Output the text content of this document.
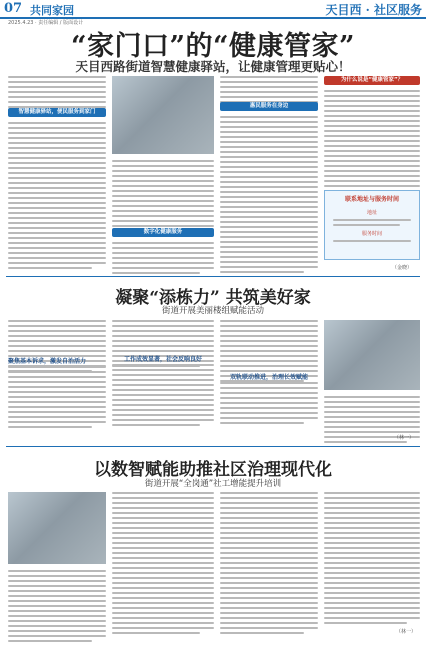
07 共同家园	天目西 · 社区服务
2025.4.23 · 责任编辑 / 版面设计
“家门口”的“健康管家”
天目西路街道智慧健康驿站，让健康管理更贴心！
智慧健康驿站，便民服务到家门
数字化健康服务
惠民服务在身边
为什么说是“健康管家”？
联系地址与服务时间
地址
服务时间
（金晓）
凝聚“添栋力” 共筑美好家
街道开展美丽楼组赋能活动
聚焦基本诉求，激发自治活力	工作成效显著，社会反响良好
双轨联动推进，治理长效赋能
（林一）
以数智赋能助推社区治理现代化
街道开展“全岗通”社工增能提升培训
（林一）
